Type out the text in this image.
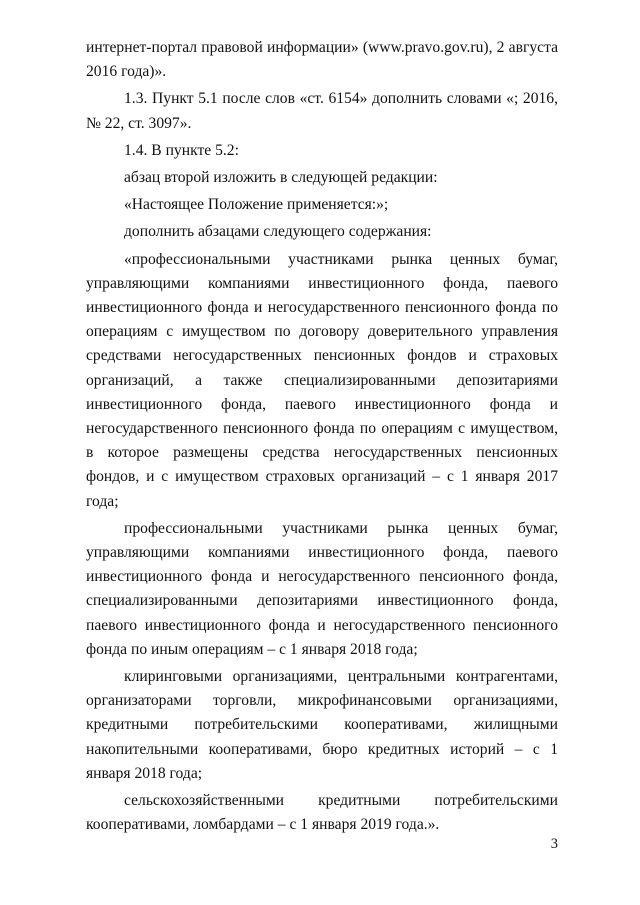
интернет-портал правовой информации» (www.pravo.gov.ru), 2 августа 2016 года)».

1.3. Пункт 5.1 после слов «ст. 6154» дополнить словами «; 2016, № 22, ст. 3097».

1.4. В пункте 5.2:

абзац второй изложить в следующей редакции:

«Настоящее Положение применяется:»;

дополнить абзацами следующего содержания:

«профессиональными участниками рынка ценных бумаг, управляющими компаниями инвестиционного фонда, паевого инвестиционного фонда и негосударственного пенсионного фонда по операциям с имуществом по договору доверительного управления средствами негосударственных пенсионных фондов и страховых организаций, а также специализированными депозитариями инвестиционного фонда, паевого инвестиционного фонда и негосударственного пенсионного фонда по операциям с имуществом, в которое размещены средства негосударственных пенсионных фондов, и с имуществом страховых организаций – с 1 января 2017 года;

профессиональными участниками рынка ценных бумаг, управляющими компаниями инвестиционного фонда, паевого инвестиционного фонда и негосударственного пенсионного фонда, специализированными депозитариями инвестиционного фонда, паевого инвестиционного фонда и негосударственного пенсионного фонда по иным операциям – с 1 января 2018 года;

клиринговыми организациями, центральными контрагентами, организаторами торговли, микрофинансовыми организациями, кредитными потребительскими кооперативами, жилищными накопительными кооперативами, бюро кредитных историй – с 1 января 2018 года;

сельскохозяйственными кредитными потребительскими кооперативами, ломбардами – с 1 января 2019 года.».

3
